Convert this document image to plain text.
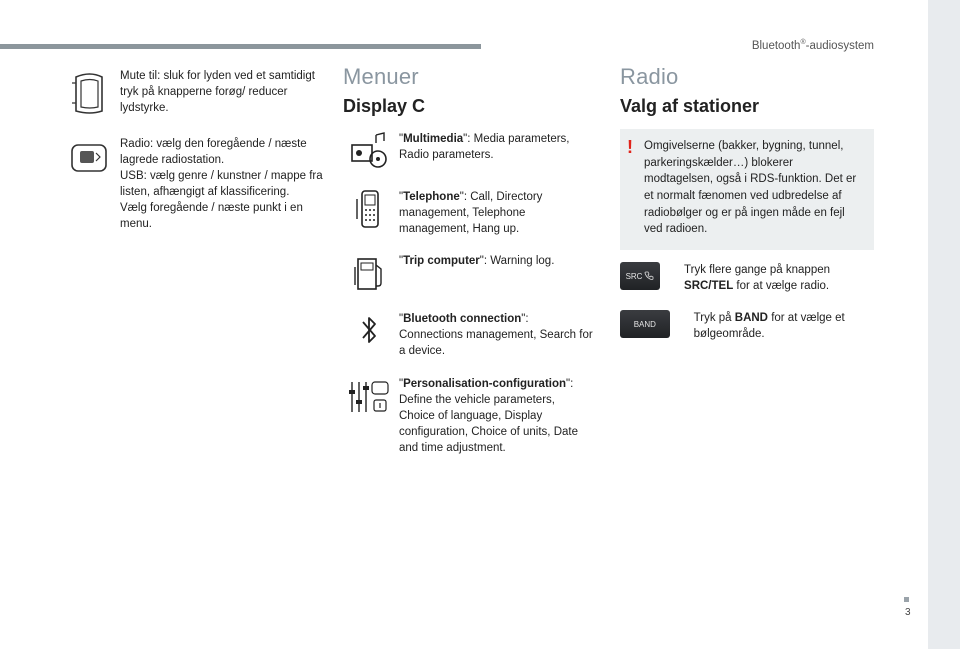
Bluetooth®-audiosystem
3
Mute til: sluk for lyden ved et samtidigt tryk på knapperne forøg/ reducer lydstyrke.
Radio: vælg den foregående / næste lagrede radiostation.
USB: vælg genre / kunstner / mappe fra listen, afhængigt af klassificering.
Vælg foregående / næste punkt i en menu.
Menuer
Display C
"Multimedia": Media parameters, Radio parameters.
"Telephone": Call, Directory management, Telephone management, Hang up.
"Trip computer": Warning log.
"Bluetooth connection": Connections management, Search for a device.
"Personalisation-configuration": Define the vehicle parameters, Choice of language, Display configuration, Choice of units, Date and time adjustment.
Radio
Valg af stationer
! Omgivelserne (bakker, bygning, tunnel, parkeringskælder…) blokerer modtagelsen, også i RDS-funktion. Det er et normalt fænomen ved udbredelse af radiobølger og er på ingen måde en fejl ved radioen.
SRC	Tryk flere gange på knappen SRC/TEL for at vælge radio.
BAND	Tryk på BAND for at vælge et bølgeområde.
